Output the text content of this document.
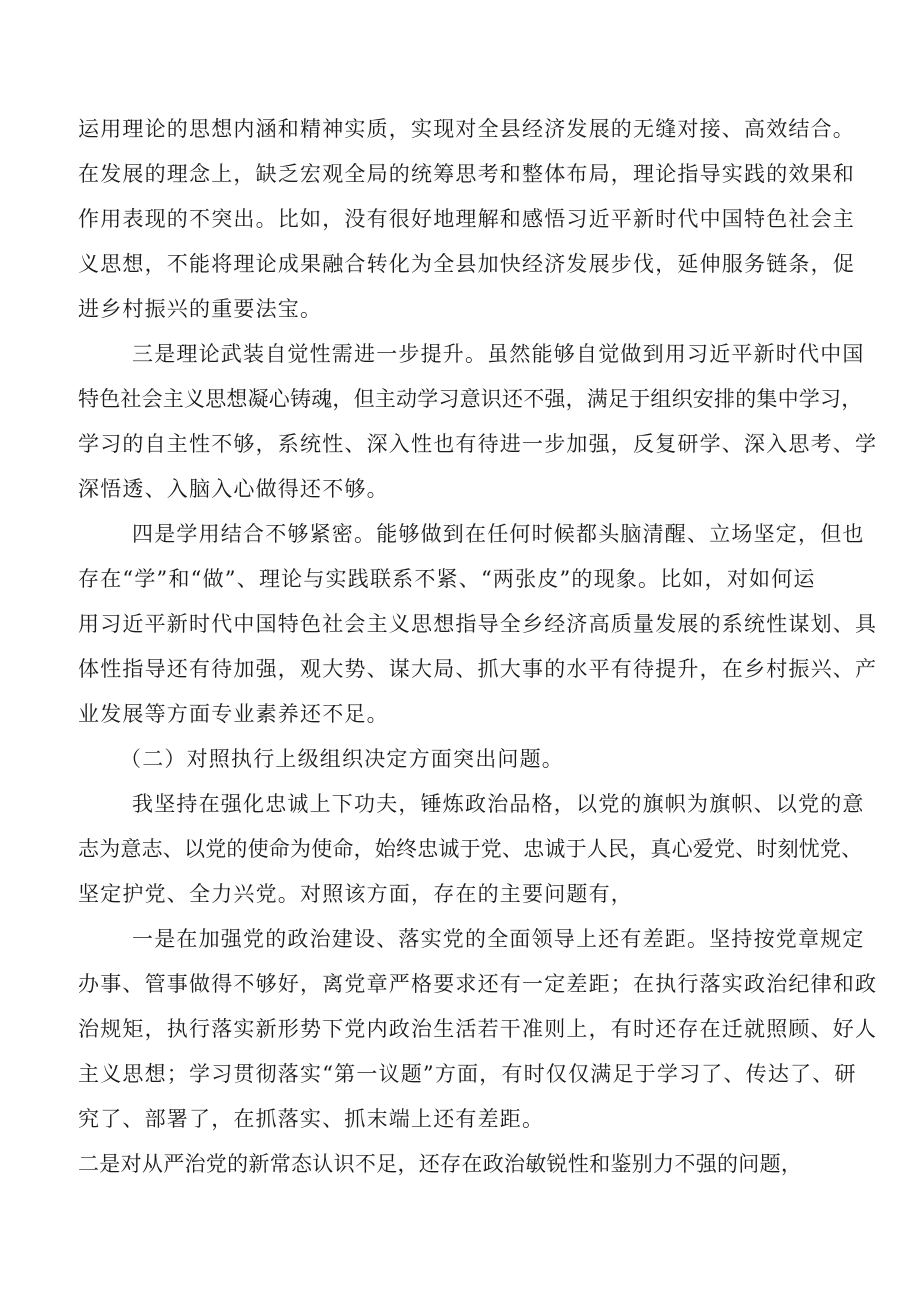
运用理论的思想内涵和精神实质，实现对全县经济发展的无缝对接、高效结合。
在发展的理念上，缺乏宏观全局的统筹思考和整体布局，理论指导实践的效果和
作用表现的不突出。比如，没有很好地理解和感悟习近平新时代中国特色社会主
义思想，不能将理论成果融合转化为全县加快经济发展步伐，延伸服务链条，促
进乡村振兴的重要法宝。
三是理论武装自觉性需进一步提升。虽然能够自觉做到用习近平新时代中国
特色社会主义思想凝心铸魂，但主动学习意识还不强，满足于组织安排的集中学习，
学习的自主性不够，系统性、深入性也有待进一步加强，反复研学、深入思考、学
深悟透、入脑入心做得还不够。
四是学用结合不够紧密。能够做到在任何时候都头脑清醒、立场坚定，但也
存在“学”和“做”、理论与实践联系不紧、“两张皮”的现象。比如，对如何运
用习近平新时代中国特色社会主义思想指导全乡经济高质量发展的系统性谋划、具
体性指导还有待加强，观大势、谋大局、抓大事的水平有待提升，在乡村振兴、产
业发展等方面专业素养还不足。
（二）对照执行上级组织决定方面突出问题。
我坚持在强化忠诚上下功夫，锤炼政治品格，以党的旗帜为旗帜、以党的意
志为意志、以党的使命为使命，始终忠诚于党、忠诚于人民，真心爱党、时刻忧党、
坚定护党、全力兴党。对照该方面，存在的主要问题有，
一是在加强党的政治建设、落实党的全面领导上还有差距。坚持按党章规定
办事、管事做得不够好，离党章严格要求还有一定差距；在执行落实政治纪律和政
治规矩，执行落实新形势下党内政治生活若干准则上，有时还存在迁就照顾、好人
主义思想；学习贯彻落实“第一议题”方面，有时仅仅满足于学习了、传达了、研
究了、部署了，在抓落实、抓末端上还有差距。
二是对从严治党的新常态认识不足，还存在政治敏锐性和鉴别力不强的问题，
